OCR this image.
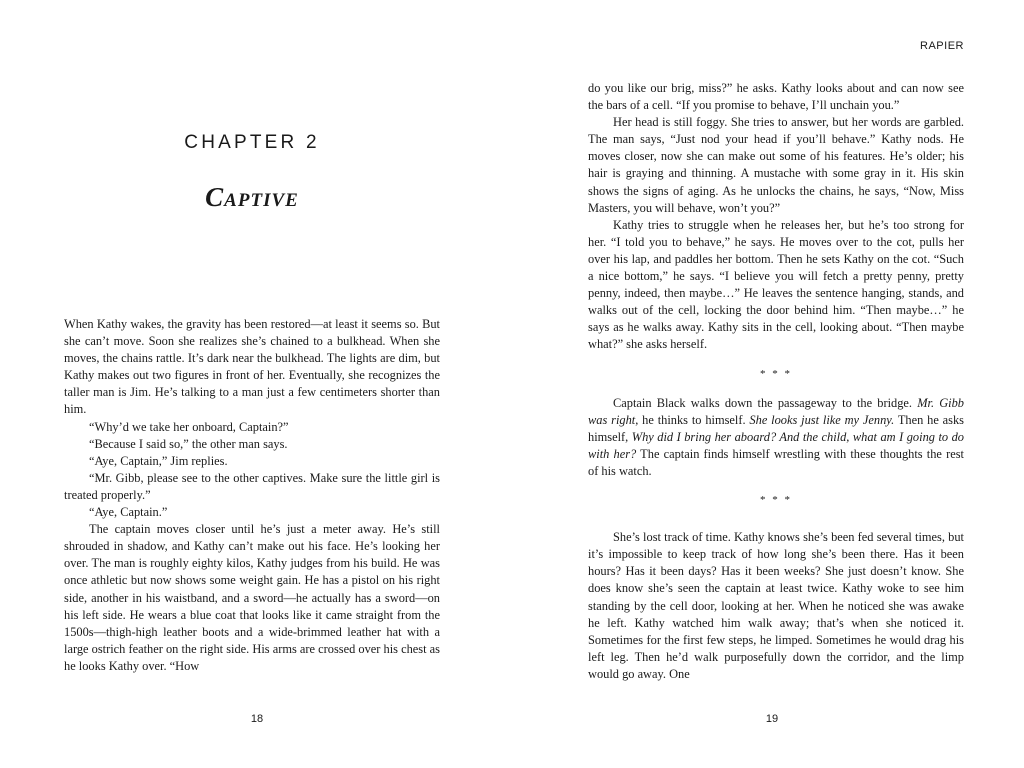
CHAPTER 2
Captive

When Kathy wakes, the gravity has been restored—at least it seems so. But she can’t move. Soon she realizes she’s chained to a bulkhead. When she moves, the chains rattle. It’s dark near the bulkhead. The lights are dim, but Kathy makes out two figures in front of her. Eventually, she recognizes the taller man is Jim. He’s talking to a man just a few centimeters shorter than him.

“Why’d we take her onboard, Captain?”

“Because I said so,” the other man says.

“Aye, Captain,” Jim replies.

“Mr. Gibb, please see to the other captives. Make sure the little girl is treated properly.”

“Aye, Captain.”

The captain moves closer until he’s just a meter away. He’s still shrouded in shadow, and Kathy can’t make out his face. He’s looking her over. The man is roughly eighty kilos, Kathy judges from his build. He was once athletic but now shows some weight gain. He has a pistol on his right side, another in his waistband, and a sword—he actually has a sword—on his left side. He wears a blue coat that looks like it came straight from the 1500s—thigh-high leather boots and a wide-brimmed leather hat with a large ostrich feather on the right side. His arms are crossed over his chest as he looks Kathy over. “How

18
RAPIER

do you like our brig, miss?” he asks. Kathy looks about and can now see the bars of a cell. “If you promise to behave, I’ll unchain you.”

Her head is still foggy. She tries to answer, but her words are garbled. The man says, “Just nod your head if you’ll behave.” Kathy nods. He moves closer, now she can make out some of his features. He’s older; his hair is graying and thinning. A mustache with some gray in it. His skin shows the signs of aging. As he unlocks the chains, he says, “Now, Miss Masters, you will behave, won’t you?”

Kathy tries to struggle when he releases her, but he’s too strong for her. “I told you to behave,” he says. He moves over to the cot, pulls her over his lap, and paddles her bottom. Then he sets Kathy on the cot. “Such a nice bottom,” he says. “I believe you will fetch a pretty penny, pretty penny, indeed, then maybe…” He leaves the sentence hanging, stands, and walks out of the cell, locking the door behind him. “Then maybe…” he says as he walks away. Kathy sits in the cell, looking about. “Then maybe what?” she asks herself.

* * *

Captain Black walks down the passageway to the bridge. Mr. Gibb was right, he thinks to himself. She looks just like my Jenny. Then he asks himself, Why did I bring her aboard? And the child, what am I going to do with her? The captain finds himself wrestling with these thoughts the rest of his watch.

* * *

She’s lost track of time. Kathy knows she’s been fed several times, but it’s impossible to keep track of how long she’s been there. Has it been hours? Has it been days? Has it been weeks? She just doesn’t know. She does know she’s seen the captain at least twice. Kathy woke to see him standing by the cell door, looking at her. When he noticed she was awake he left. Kathy watched him walk away; that’s when she noticed it. Sometimes for the first few steps, he limped. Sometimes he would drag his left leg. Then he’d walk purposefully down the corridor, and the limp would go away. One

19
